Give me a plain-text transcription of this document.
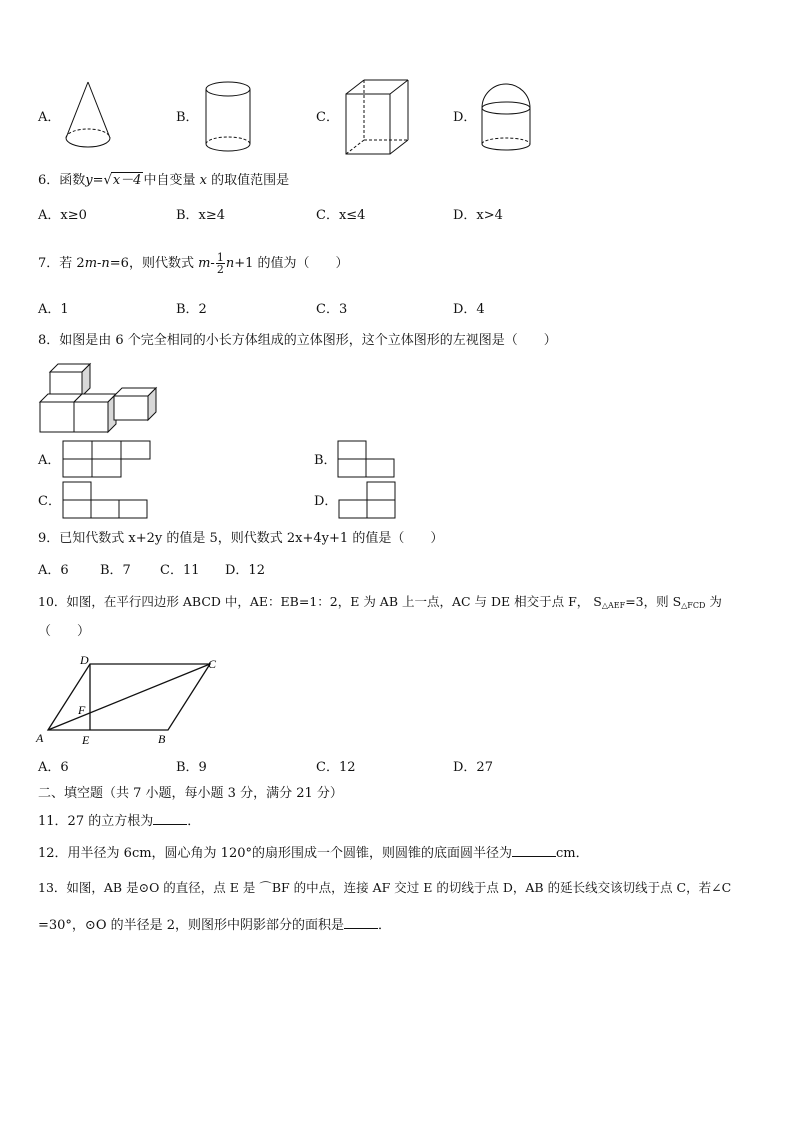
A．	B．	C．	D．
6．函数y=√x－4 中自变量 x 的取值范围是
A．x≥0	B．x≥4	C．x≤4	D．x>4
7．若 2m-n=6，则代数式 $m- \frac{1}{2} n+1$ 的值为（　　）
A．1	B．2	C．3	D．4
8．如图是由 6 个完全相同的小长方体组成的立体图形，这个立体图形的左视图是（　　）
A．	B．
C．	D．
9．已知代数式 x+2y 的值是 5，则代数式 2x+4y+1 的值是（　　）
A．6 B．7 C．11 D．12
10．如图，在平行四边形 ABCD 中，AE：EB=1：2，E 为 AB 上一点，AC 与 DE 相交于点 F， $S_{\triangle AEF}=3$，则 $S_{\triangle FCD}$ 为
（　　）
D	C
F
A	E	B
A．6	B．9	C．12	D．27
二、填空题（共 7 小题，每小题 3 分，满分 21 分）
11．27 的立方根为	．
12．用半径为 6cm，圆心角为 120°的扇形围成一个圆锥，则圆锥的底面圆半径为	cm．
13．如图，AB 是⊙O 的直径，点 E 是 ⌒BF 的中点，连接 AF 交过 E 的切线于点 D，AB 的延长线交该切线于点 C，若∠C
=30°，⊙O 的半径是 2，则图形中阴影部分的面积是	．
